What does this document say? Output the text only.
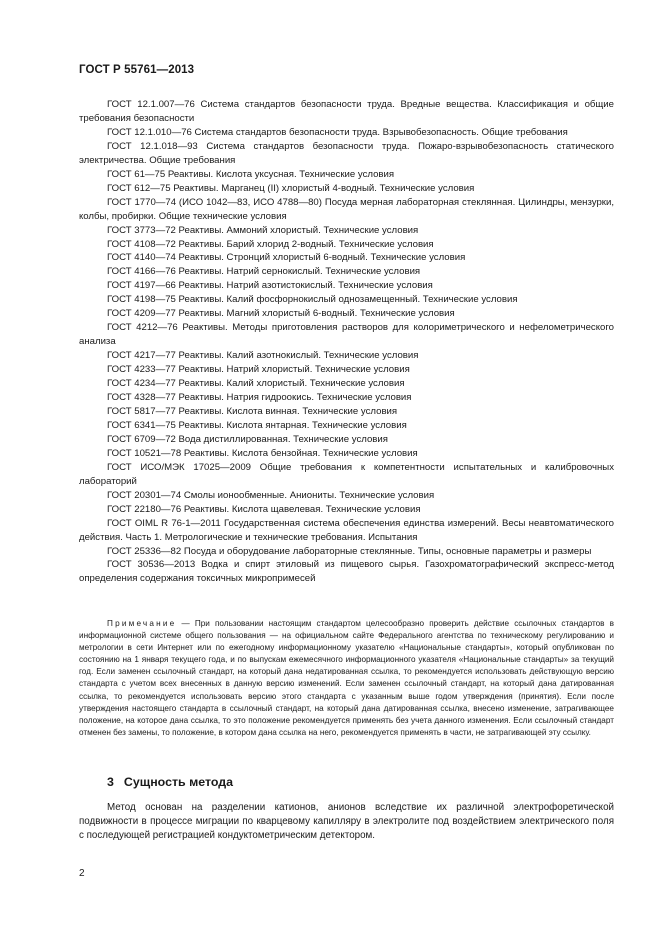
ГОСТ Р 55761—2013

ГОСТ 12.1.007—76 Система стандартов безопасности труда. Вредные вещества. Классификация и общие требования безопасности

ГОСТ 12.1.010—76 Система стандартов безопасности труда. Взрывобезопасность. Общие требования

ГОСТ 12.1.018—93 Система стандартов безопасности труда. Пожаро-взрывобезопасность статического электричества. Общие требования

ГОСТ 61—75 Реактивы. Кислота уксусная. Технические условия

ГОСТ 612—75 Реактивы. Марганец (II) хлористый 4-водный. Технические условия

ГОСТ 1770—74 (ИСО 1042—83, ИСО 4788—80) Посуда мерная лабораторная стеклянная. Цилиндры, мензурки, колбы, пробирки. Общие технические условия

ГОСТ 3773—72 Реактивы. Аммоний хлористый. Технические условия

ГОСТ 4108—72 Реактивы. Барий хлорид 2-водный. Технические условия

ГОСТ 4140—74 Реактивы. Стронций хлористый 6-водный. Технические условия

ГОСТ 4166—76 Реактивы. Натрий сернокислый. Технические условия

ГОСТ 4197—66 Реактивы. Натрий азотистокислый. Технические условия

ГОСТ 4198—75 Реактивы. Калий фосфорнокислый однозамещенный. Технические условия

ГОСТ 4209—77 Реактивы. Магний хлористый 6-водный. Технические условия

ГОСТ 4212—76 Реактивы. Методы приготовления растворов для колориметрического и нефелометрического анализа

ГОСТ 4217—77 Реактивы. Калий азотнокислый. Технические условия

ГОСТ 4233—77 Реактивы. Натрий хлористый. Технические условия

ГОСТ 4234—77 Реактивы. Калий хлористый. Технические условия

ГОСТ 4328—77 Реактивы. Натрия гидроокись. Технические условия

ГОСТ 5817—77 Реактивы. Кислота винная. Технические условия

ГОСТ 6341—75 Реактивы. Кислота янтарная. Технические условия

ГОСТ 6709—72 Вода дистиллированная. Технические условия

ГОСТ 10521—78 Реактивы. Кислота бензойная. Технические условия

ГОСТ ИСО/МЭК 17025—2009 Общие требования к компетентности испытательных и калибровочных лабораторий

ГОСТ 20301—74 Смолы ионообменные. Аниониты. Технические условия

ГОСТ 22180—76 Реактивы. Кислота щавелевая. Технические условия

ГОСТ OIML R 76-1—2011 Государственная система обеспечения единства измерений. Весы неавтоматического действия. Часть 1. Метрологические и технические требования. Испытания

ГОСТ 25336—82 Посуда и оборудование лабораторные стеклянные. Типы, основные параметры и размеры

ГОСТ 30536—2013 Водка и спирт этиловый из пищевого сырья. Газохроматографический экспресс-метод определения содержания токсичных микропримесей

Примечание — При пользовании настоящим стандартом целесообразно проверить действие ссылочных стандартов в информационной системе общего пользования — на официальном сайте Федерального агентства по техническому регулированию и метрологии в сети Интернет или по ежегодному информационному указателю «Национальные стандарты», который опубликован по состоянию на 1 января текущего года, и по выпускам ежемесячного информационного указателя «Национальные стандарты» за текущий год. Если заменен ссылочный стандарт, на который дана недатированная ссылка, то рекомендуется использовать действующую версию стандарта с учетом всех внесенных в данную версию изменений. Если заменен ссылочный стандарт, на который дана датированная ссылка, то рекомендуется использовать версию этого стандарта с указанным выше годом утверждения (принятия). Если после утверждения настоящего стандарта в ссылочный стандарт, на который дана датированная ссылка, внесено изменение, затрагивающее положение, на которое дана ссылка, то это положение рекомендуется применять без учета данного изменения. Если ссылочный стандарт отменен без замены, то положение, в котором дана ссылка на него, рекомендуется применять в части, не затрагивающей эту ссылку.

3 Сущность метода

Метод основан на разделении катионов, анионов вследствие их различной электрофоретической подвижности в процессе миграции по кварцевому капилляру в электролите под воздействием электрического поля с последующей регистрацией кондуктометрическим детектором.

2
